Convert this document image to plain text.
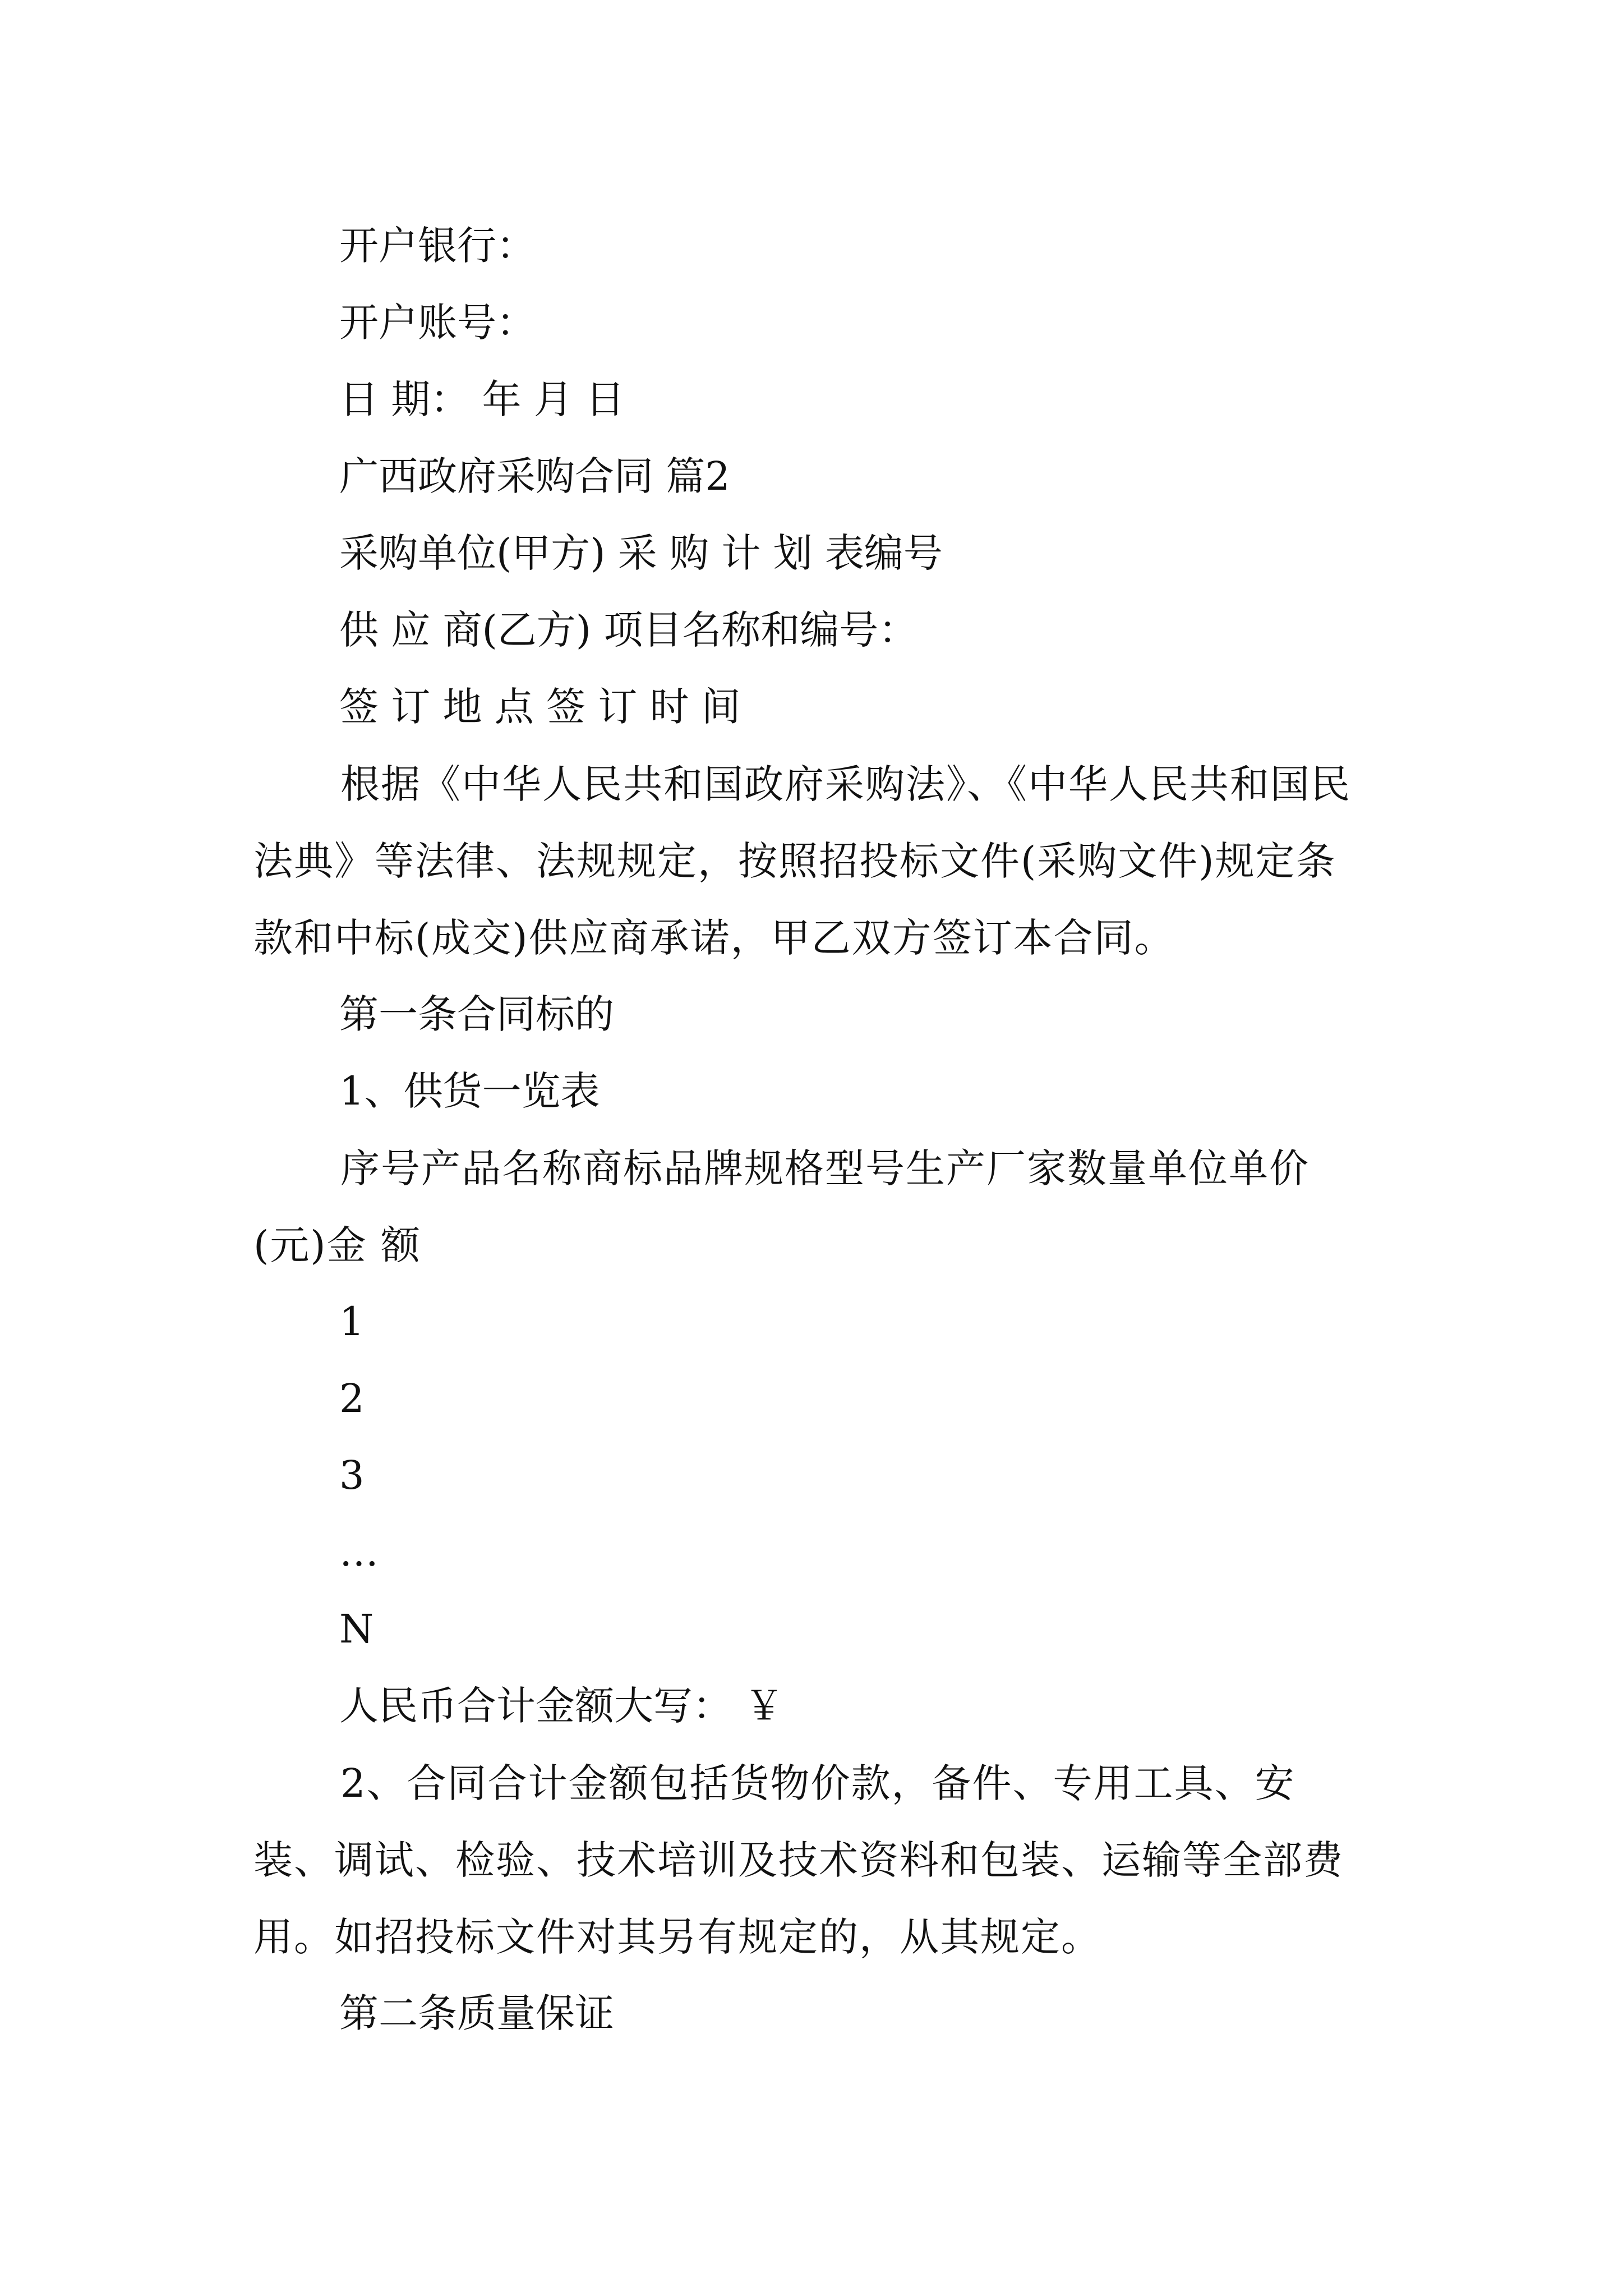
开户银行：

开户账号：

日 期： 年 月 日

广西政府采购合同 篇2

采购单位(甲方) 采 购 计 划 表编号

供 应 商(乙方) 项目名称和编号：

签 订 地 点 签 订 时 间

根据《中华人民共和国政府采购法》、《中华人民共和国民法典》等法律、法规规定，按照招投标文件(采购文件)规定条款和中标(成交)供应商承诺，甲乙双方签订本合同。

第一条合同标的

1、供货一览表

序号产品名称商标品牌规格型号生产厂家数量单位单价(元)金 额

1

2

3

…

N

人民币合计金额大写： ￥

2、合同合计金额包括货物价款，备件、专用工具、安装、调试、检验、技术培训及技术资料和包装、运输等全部费用。如招投标文件对其另有规定的，从其规定。

第二条质量保证
